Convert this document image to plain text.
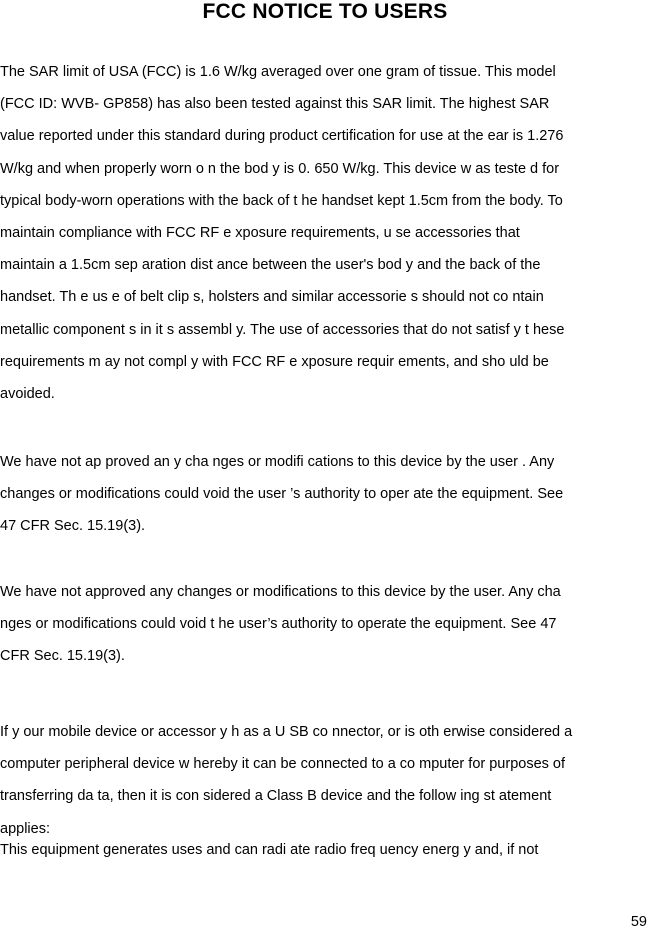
FCC NOTICE TO USERS

The SAR limit of USA (FCC) is 1.6 W/kg averaged over one gram of tissue. This model
(FCC ID: WVB- GP858) has also been tested against this SAR limit. The highest SAR
value reported under this standard during product certification for use at the ear is 1.276
W/kg and when properly worn o n the bod y is 0. 650 W/kg. This device w as teste d for
typical body-worn operations with the back of t he handset kept 1.5cm from the body. To
maintain compliance with FCC RF e xposure requirements, u se accessories that
maintain a 1.5cm sep aration dist ance between the user's bod y and the back of the
handset. Th e us e of belt clip s, holsters and similar accessorie s should not co ntain
metallic component s in it s assembl y. The use of accessories that do not satisf y t hese
requirements m ay not compl y with FCC RF e xposure requir ements, and sho uld be
avoided.

We have not ap proved an y cha nges or modifi cations to this device by the user . Any
changes or modifications could void the user ’s authority to oper ate the equipment. See
47 CFR Sec. 15.19(3).

We have not approved any changes or modifications to this device by the user. Any cha
nges or modifications could void t he user’s authority to operate the equipment. See 47
CFR Sec. 15.19(3).

If y our mobile device or accessor y h as a U SB co nnector, or is oth erwise considered a
computer peripheral device w hereby it can be connected to a co mputer for purposes of
transferring da ta, then it is con sidered a Class B device and the follow ing st atement
applies:

This equipment generates uses and can radi ate radio freq uency energ y and, if not

59
